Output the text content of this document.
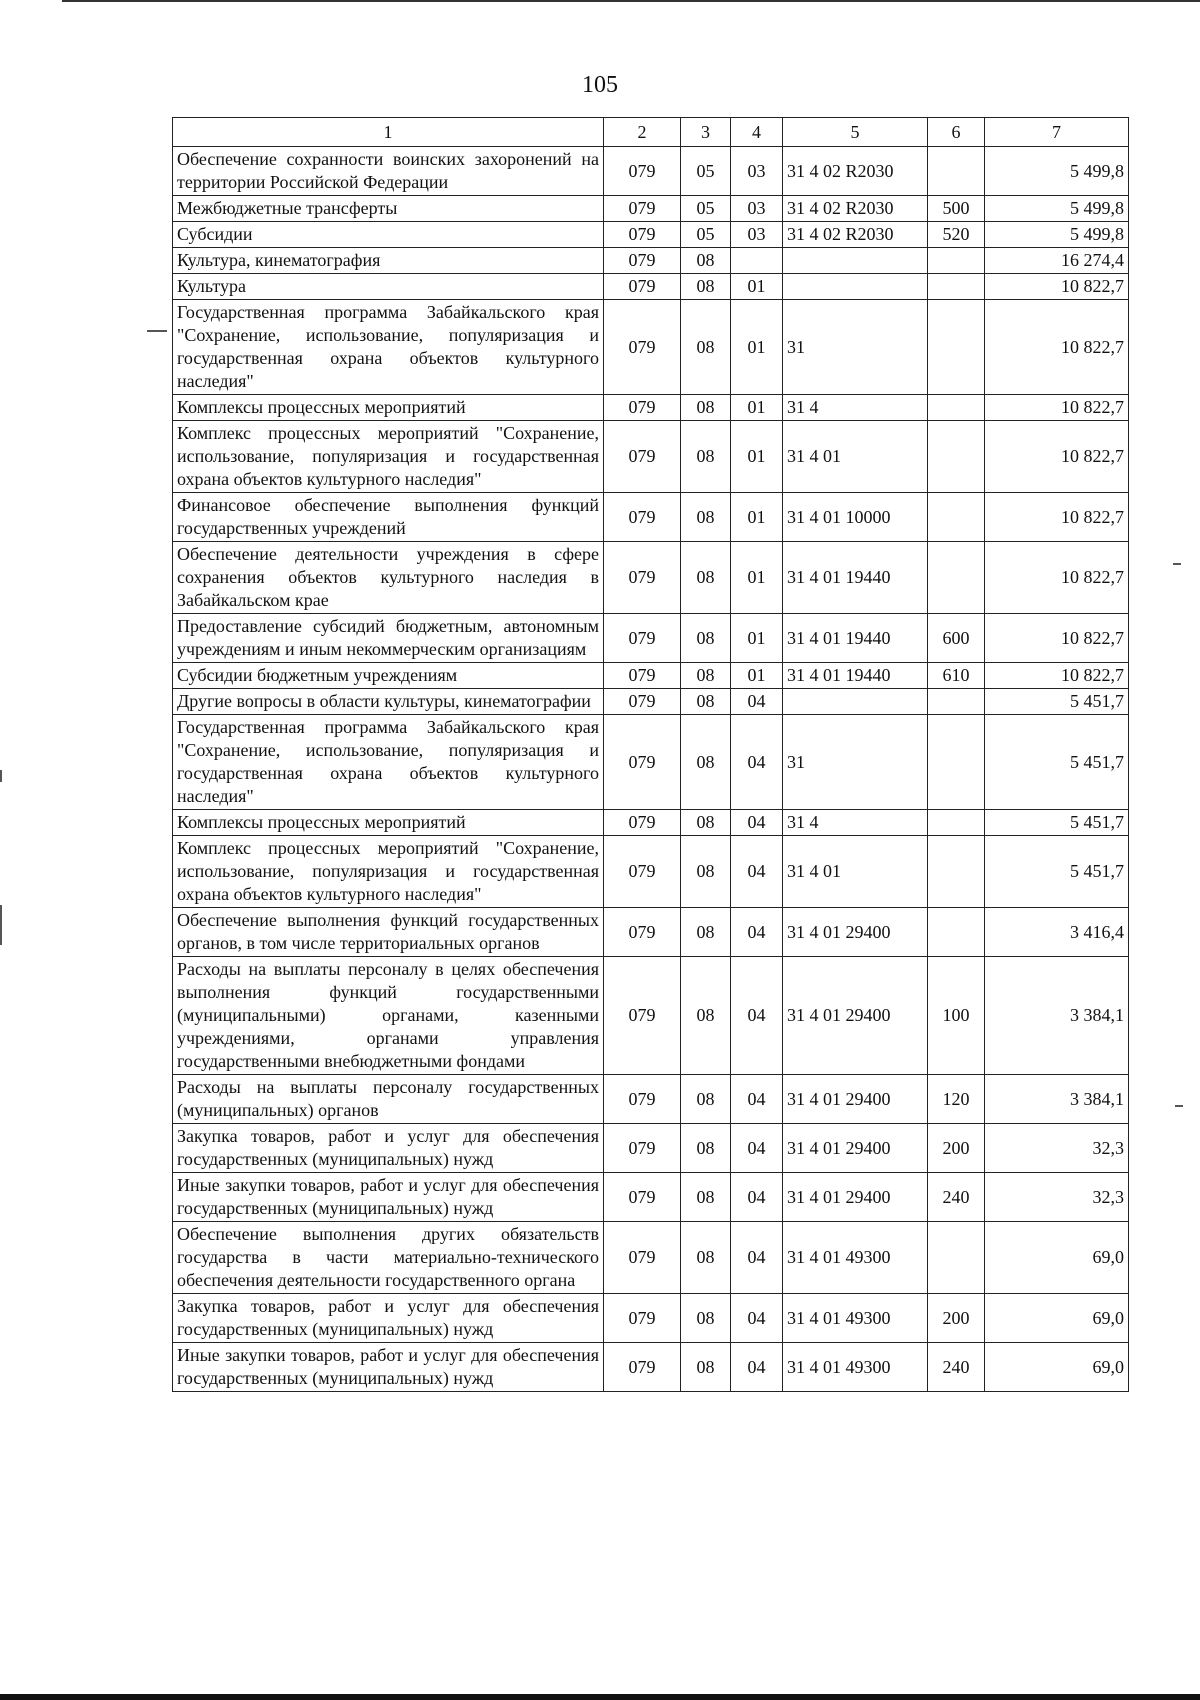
105
1	2	3	4	5	6	7
Обеспечение сохранности воинских захоронений на территории Российской Федерации	079	05	03	31 4 02 R2030		5 499,8
Межбюджетные трансферты	079	05	03	31 4 02 R2030	500	5 499,8
Субсидии	079	05	03	31 4 02 R2030	520	5 499,8
Культура, кинематография	079	08				16 274,4
Культура	079	08	01			10 822,7
Государственная программа Забайкальского края "Сохранение, использование, популяризация и государственная охрана объектов культурного наследия"	079	08	01	31		10 822,7
Комплексы процессных мероприятий	079	08	01	31 4		10 822,7
Комплекс процессных мероприятий "Сохранение, использование, популяризация и государственная охрана объектов культурного наследия"	079	08	01	31 4 01		10 822,7
Финансовое обеспечение выполнения функций государственных учреждений	079	08	01	31 4 01 10000		10 822,7
Обеспечение деятельности учреждения в сфере сохранения объектов культурного наследия в Забайкальском крае	079	08	01	31 4 01 19440		10 822,7
Предоставление субсидий бюджетным, автономным учреждениям и иным некоммерческим организациям	079	08	01	31 4 01 19440	600	10 822,7
Субсидии бюджетным учреждениям	079	08	01	31 4 01 19440	610	10 822,7
Другие вопросы в области культуры, кинематографии	079	08	04			5 451,7
Государственная программа Забайкальского края "Сохранение, использование, популяризация и государственная охрана объектов культурного наследия"	079	08	04	31		5 451,7
Комплексы процессных мероприятий	079	08	04	31 4		5 451,7
Комплекс процессных мероприятий "Сохранение, использование, популяризация и государственная охрана объектов культурного наследия"	079	08	04	31 4 01		5 451,7
Обеспечение выполнения функций государственных органов, в том числе территориальных органов	079	08	04	31 4 01 29400		3 416,4
Расходы на выплаты персоналу в целях обеспечения выполнения функций государственными (муниципальными) органами, казенными учреждениями, органами управления государственными внебюджетными фондами	079	08	04	31 4 01 29400	100	3 384,1
Расходы на выплаты персоналу государственных (муниципальных) органов	079	08	04	31 4 01 29400	120	3 384,1
Закупка товаров, работ и услуг для обеспечения государственных (муниципальных) нужд	079	08	04	31 4 01 29400	200	32,3
Иные закупки товаров, работ и услуг для обеспечения государственных (муниципальных) нужд	079	08	04	31 4 01 29400	240	32,3
Обеспечение выполнения других обязательств государства в части материально-технического обеспечения деятельности государственного органа	079	08	04	31 4 01 49300		69,0
Закупка товаров, работ и услуг для обеспечения государственных (муниципальных) нужд	079	08	04	31 4 01 49300	200	69,0
Иные закупки товаров, работ и услуг для обеспечения государственных (муниципальных) нужд	079	08	04	31 4 01 49300	240	69,0
